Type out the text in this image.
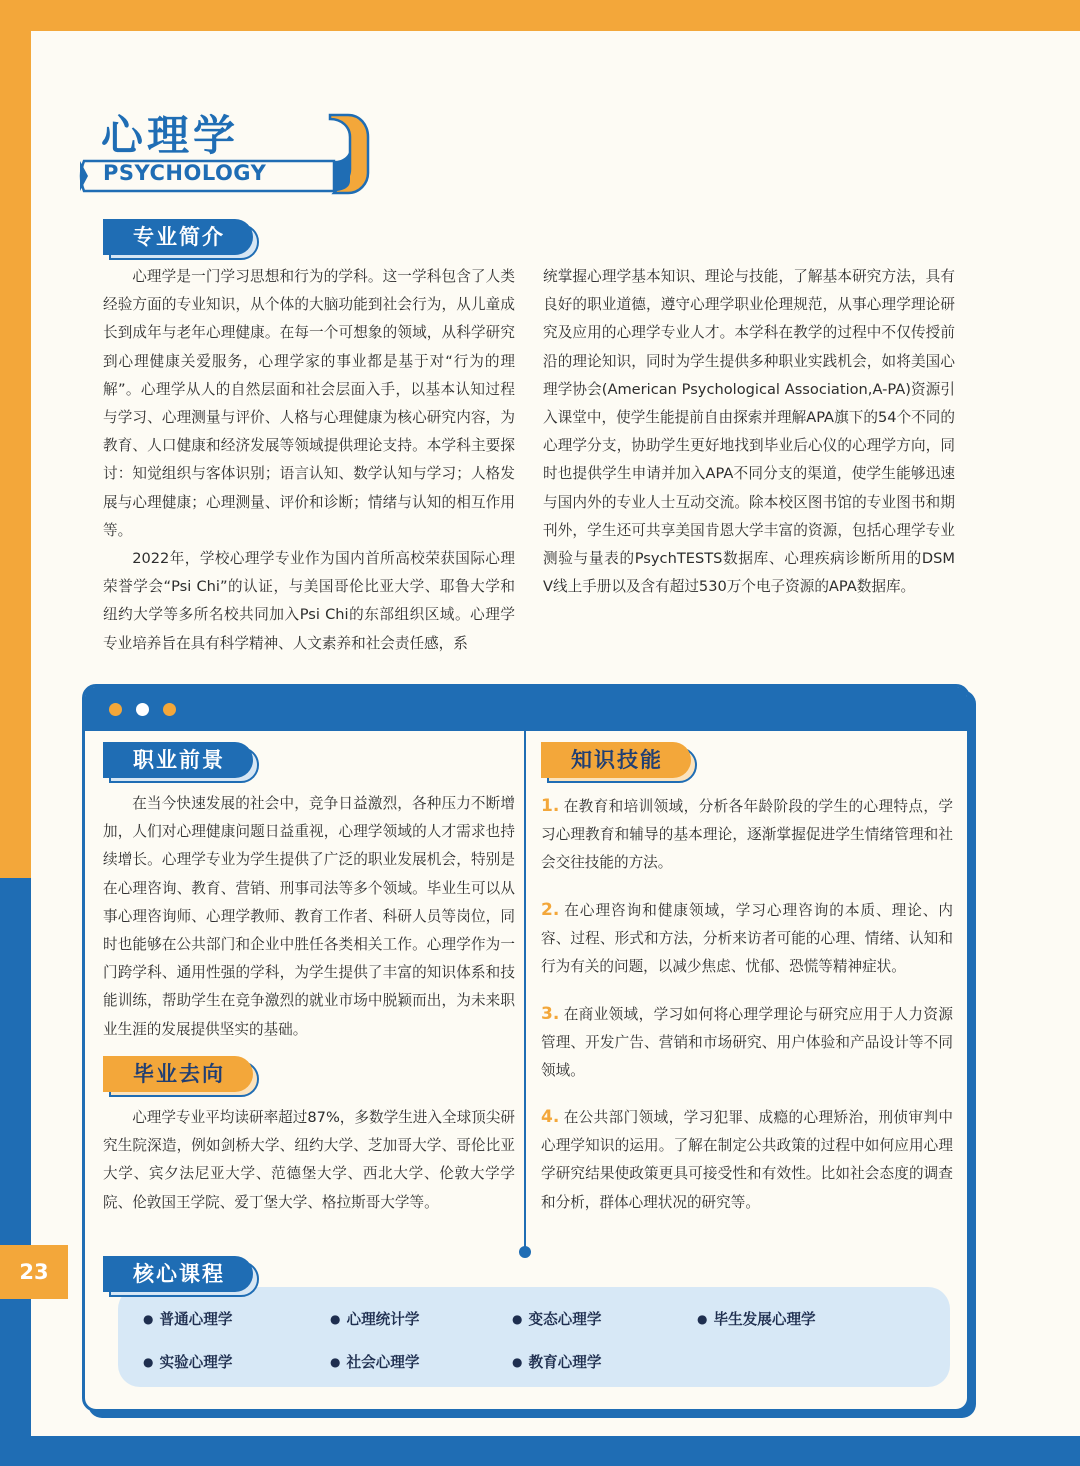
心理学
PSYCHOLOGY
专业简介

心理学是一门学习思想和行为的学科。这一学科包含了人类经验方面的专业知识，从个体的大脑功能到社会行为，从儿童成长到成年与老年心理健康。在每一个可想象的领域，从科学研究到心理健康关爱服务，心理学家的事业都是基于对“行为的理解”。心理学从人的自然层面和社会层面入手，以基本认知过程与学习、心理测量与评价、人格与心理健康为核心研究内容，为教育、人口健康和经济发展等领域提供理论支持。本学科主要探讨：知觉组织与客体识别；语言认知、数学认知与学习；人格发展与心理健康；心理测量、评价和诊断；情绪与认知的相互作用等。

2022年，学校心理学专业作为国内首所高校荣获国际心理荣誉学会“Psi Chi”的认证，与美国哥伦比亚大学、耶鲁大学和纽约大学等多所名校共同加入Psi Chi的东部组织区域。心理学专业培养旨在具有科学精神、人文素养和社会责任感，系

统掌握心理学基本知识、理论与技能，了解基本研究方法，具有良好的职业道德，遵守心理学职业伦理规范，从事心理学理论研究及应用的心理学专业人才。本学科在教学的过程中不仅传授前沿的理论知识，同时为学生提供多种职业实践机会，如将美国心理学协会(American Psychological Association,A-PA)资源引入课堂中，使学生能提前自由探索并理解APA旗下的54个不同的心理学分支，协助学生更好地找到毕业后心仪的心理学方向，同时也提供学生申请并加入APA不同分支的渠道，使学生能够迅速与国内外的专业人士互动交流。除本校区图书馆的专业图书和期刊外，学生还可共享美国肯恩大学丰富的资源，包括心理学专业测验与量表的PsychTESTS数据库、心理疾病诊断所用的DSM V线上手册以及含有超过530万个电子资源的APA数据库。

职业前景

在当今快速发展的社会中，竞争日益激烈，各种压力不断增加，人们对心理健康问题日益重视，心理学领域的人才需求也持续增长。心理学专业为学生提供了广泛的职业发展机会，特别是在心理咨询、教育、营销、刑事司法等多个领域。毕业生可以从事心理咨询师、心理学教师、教育工作者、科研人员等岗位，同时也能够在公共部门和企业中胜任各类相关工作。心理学作为一门跨学科、通用性强的学科，为学生提供了丰富的知识体系和技能训练，帮助学生在竞争激烈的就业市场中脱颖而出，为未来职业生涯的发展提供坚实的基础。

毕业去向

心理学专业平均读研率超过87%，多数学生进入全球顶尖研究生院深造，例如剑桥大学、纽约大学、芝加哥大学、哥伦比亚大学、宾夕法尼亚大学、范德堡大学、西北大学、伦敦大学学院、伦敦国王学院、爱丁堡大学、格拉斯哥大学等。

知识技能

1. 在教育和培训领域，分析各年龄阶段的学生的心理特点，学习心理教育和辅导的基本理论，逐渐掌握促进学生情绪管理和社会交往技能的方法。

2. 在心理咨询和健康领域，学习心理咨询的本质、理论、内容、过程、形式和方法，分析来访者可能的心理、情绪、认知和行为有关的问题，以减少焦虑、忧郁、恐慌等精神症状。

3. 在商业领域，学习如何将心理学理论与研究应用于人力资源管理、开发广告、营销和市场研究、用户体验和产品设计等不同领域。

4. 在公共部门领域，学习犯罪、成瘾的心理矫治，刑侦审判中心理学知识的运用。了解在制定公共政策的过程中如何应用心理学研究结果使政策更具可接受性和有效性。比如社会态度的调查和分析，群体心理状况的研究等。

核心课程
● 普通心理学	● 心理统计学	● 变态心理学	● 毕生发展心理学
● 实验心理学	● 社会心理学	● 教育心理学
23
